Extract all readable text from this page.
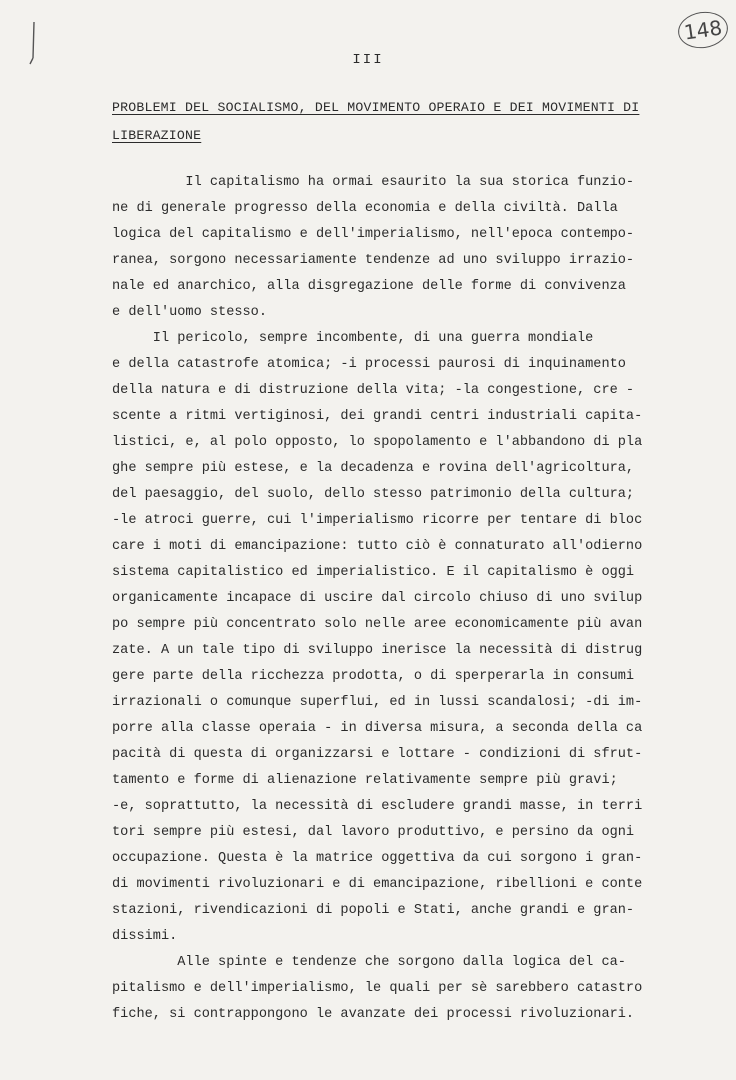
148
III
PROBLEMI DEL SOCIALISMO, DEL MOVIMENTO OPERAIO E DEI MOVIMENTI DI
LIBERAZIONE
Il capitalismo ha ormai esaurito la sua storica funzio-
ne di generale progresso della economia e della civiltà. Dalla
logica del capitalismo e dell'imperialismo, nell'epoca contempo-
ranea, sorgono necessariamente tendenze ad uno sviluppo irrazio-
nale ed anarchico, alla disgregazione delle forme di convivenza
e dell'uomo stesso.
Il pericolo, sempre incombente, di una guerra mondiale
e della catastrofe atomica; -i processi paurosi di inquinamento
della natura e di distruzione della vita; -la congestione, cre -
scente a ritmi vertiginosi, dei grandi centri industriali capita-
listici, e, al polo opposto, lo spopolamento e l'abbandono di pla
ghe sempre più estese, e la decadenza e rovina dell'agricoltura,
del paesaggio, del suolo, dello stesso patrimonio della cultura;
-le atroci guerre, cui l'imperialismo ricorre per tentare di bloc
care i moti di emancipazione: tutto ciò è connaturato all'odierno
sistema capitalistico ed imperialistico. E il capitalismo è oggi
organicamente incapace di uscire dal circolo chiuso di uno svilup
po sempre più concentrato solo nelle aree economicamente più avan
zate. A un tale tipo di sviluppo inerisce la necessità di distrug
gere parte della ricchezza prodotta, o di sperperarla in consumi
irrazionali o comunque superflui, ed in lussi scandalosi; -di im-
porre alla classe operaia - in diversa misura, a seconda della ca
pacità di questa di organizzarsi e lottare - condizioni di sfrut-
tamento e forme di alienazione relativamente sempre più gravi;
-e, soprattutto, la necessità di escludere grandi masse, in terri
tori sempre più estesi, dal lavoro produttivo, e persino da ogni
occupazione. Questa è la matrice oggettiva da cui sorgono i gran-
di movimenti rivoluzionari e di emancipazione, ribellioni e conte
stazioni, rivendicazioni di popoli e Stati, anche grandi e gran-
dissimi.
Alle spinte e tendenze che sorgono dalla logica del ca-
pitalismo e dell'imperialismo, le quali per sè sarebbero catastro
fiche, si contrappongono le avanzate dei processi rivoluzionari.
